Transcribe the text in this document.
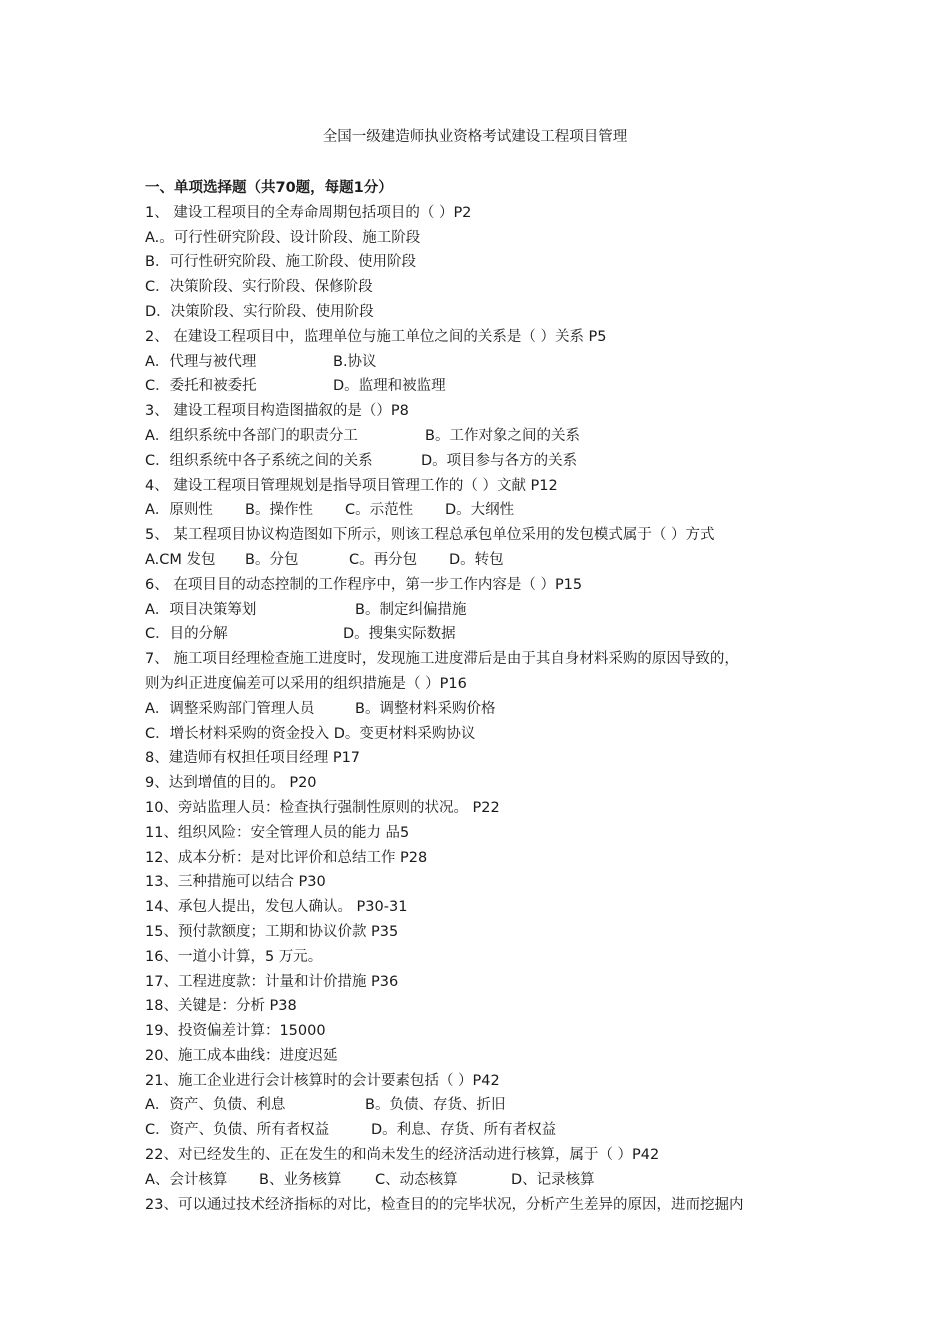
全国一级建造师执业资格考试建设工程项目管理
一、单项选择题（共70题，每题1分）
1、 建设工程项目的全寿命周期包括项目的（ ）P2
A.。可行性研究阶段、设计阶段、施工阶段
B．可行性研究阶段、施工阶段、使用阶段
C．决策阶段、实行阶段、保修阶段
D．决策阶段、实行阶段、使用阶段
2、 在建设工程项目中，监理单位与施工单位之间的关系是（ ）关系 P5
A．代理与被代理	B.协议
C．委托和被委托	D。监理和被监理
3、 建设工程项目构造图描叙的是（）P8
A．组织系统中各部门的职责分工	B。工作对象之间的关系
C．组织系统中各子系统之间的关系	D。项目参与各方的关系
4、 建设工程项目管理规划是指导项目管理工作的（ ）文献 P12
A．原则性 B。操作性 C。示范性 D。大纲性
5、 某工程项目协议构造图如下所示，则该工程总承包单位采用的发包模式属于（ ）方式
A.CM 发包 B。分包	C。再分包 D。转包
6、 在项目目的动态控制的工作程序中，第一步工作内容是（ ）P15
A．项目决策筹划	B。制定纠偏措施
C．目的分解	D。搜集实际数据
7、 施工项目经理检查施工进度时，发现施工进度滞后是由于其自身材料采购的原因导致的，
则为纠正进度偏差可以采用的组织措施是（ ）P16
A．调整采购部门管理人员	B。调整材料采购价格
C．增长材料采购的资金投入 D。变更材料采购协议
8、建造师有权担任项目经理 P17
9、达到增值的目的。 P20
10、旁站监理人员：检查执行强制性原则的状况。 P22
11、组织风险：安全管理人员的能力 品5
12、成本分析：是对比评价和总结工作 P28
13、三种措施可以结合 P30
14、承包人提出，发包人确认。 P30-31
15、预付款额度；工期和协议价款 P35
16、一道小计算，5 万元。
17、工程进度款：计量和计价措施 P36
18、关键是：分析 P38
19、投资偏差计算：15000
20、施工成本曲线：进度迟延
21、施工企业进行会计核算时的会计要素包括（ ）P42
A．资产、负债、利息	B。负债、存货、折旧
C．资产、负债、所有者权益	D。利息、存货、所有者权益
22、对已经发生的、正在发生的和尚未发生的经济活动进行核算，属于（ ）P42
A、会计核算 B、业务核算 C、动态核算	D、记录核算
23、可以通过技术经济指标的对比，检查目的的完毕状况，分析产生差异的原因，进而挖掘内
